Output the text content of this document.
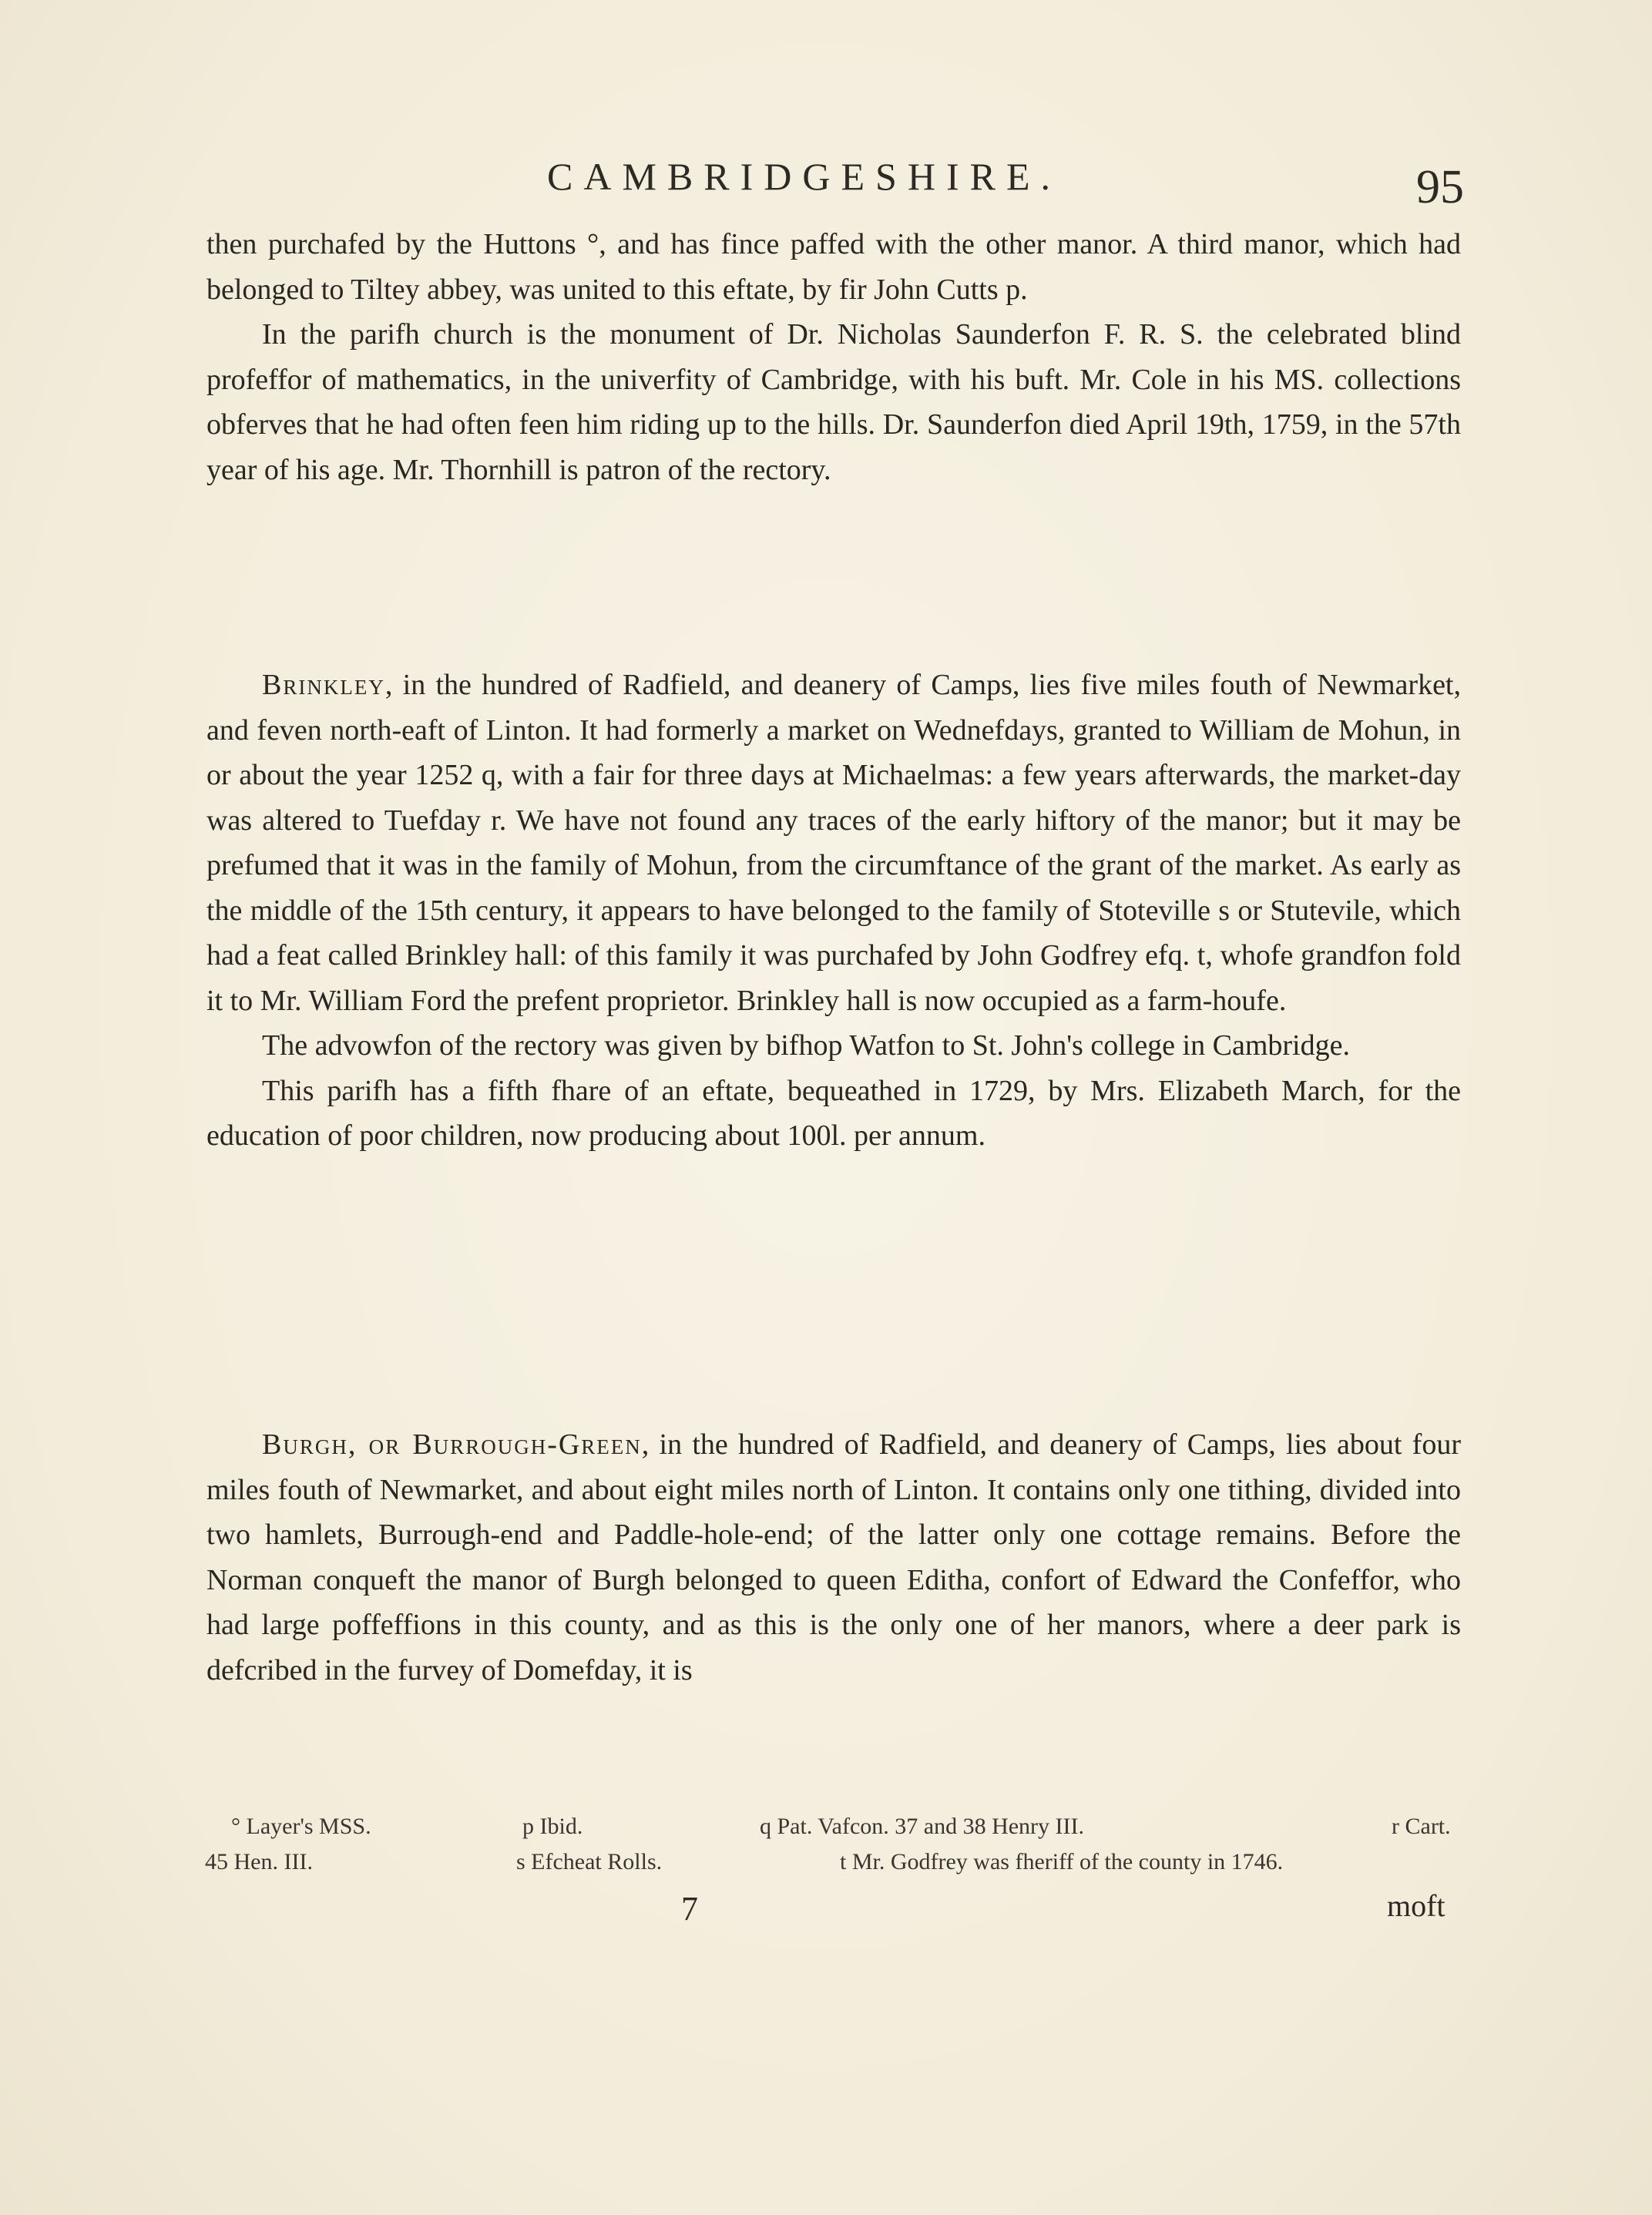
CAMBRIDGESHIRE.	95

then purchafed by the Huttons °, and has fince paffed with the other manor. A third manor, which had belonged to Tiltey abbey, was united to this eftate, by fir John Cutts p.

In the parifh church is the monument of Dr. Nicholas Saunderfon F. R. S. the celebrated blind profeffor of mathematics, in the univerfity of Cambridge, with his buft. Mr. Cole in his MS. collections obferves that he had often feen him riding up to the hills. Dr. Saunderfon died April 19th, 1759, in the 57th year of his age. Mr. Thornhill is patron of the rectory.

Brinkley, in the hundred of Radfield, and deanery of Camps, lies five miles fouth of Newmarket, and feven north-eaft of Linton. It had formerly a market on Wednefdays, granted to William de Mohun, in or about the year 1252 q, with a fair for three days at Michaelmas: a few years afterwards, the market-day was altered to Tuefday r. We have not found any traces of the early hiftory of the manor; but it may be prefumed that it was in the family of Mohun, from the circumftance of the grant of the market. As early as the middle of the 15th century, it appears to have belonged to the family of Stoteville s or Stutevile, which had a feat called Brinkley hall: of this family it was purchafed by John Godfrey efq. t, whofe grandfon fold it to Mr. William Ford the prefent proprietor. Brinkley hall is now occupied as a farm-houfe.

The advowfon of the rectory was given by bifhop Watfon to St. John's college in Cambridge.

This parifh has a fifth fhare of an eftate, bequeathed in 1729, by Mrs. Elizabeth March, for the education of poor children, now producing about 100l. per annum.

Burgh, or Burrough-Green, in the hundred of Radfield, and deanery of Camps, lies about four miles fouth of Newmarket, and about eight miles north of Linton. It contains only one tithing, divided into two hamlets, Burrough-end and Paddle-hole-end; of the latter only one cottage remains. Before the Norman conqueft the manor of Burgh belonged to queen Editha, confort of Edward the Confeffor, who had large poffeffions in this county, and as this is the only one of her manors, where a deer park is defcribed in the furvey of Domefday, it is

° Layer's MSS.	p Ibid.	q Pat. Vafcon. 37 and 38 Henry III.	r Cart.
45 Hen. III.	s Efcheat Rolls.	t Mr. Godfrey was fheriff of the county in 1746.
7	moft
